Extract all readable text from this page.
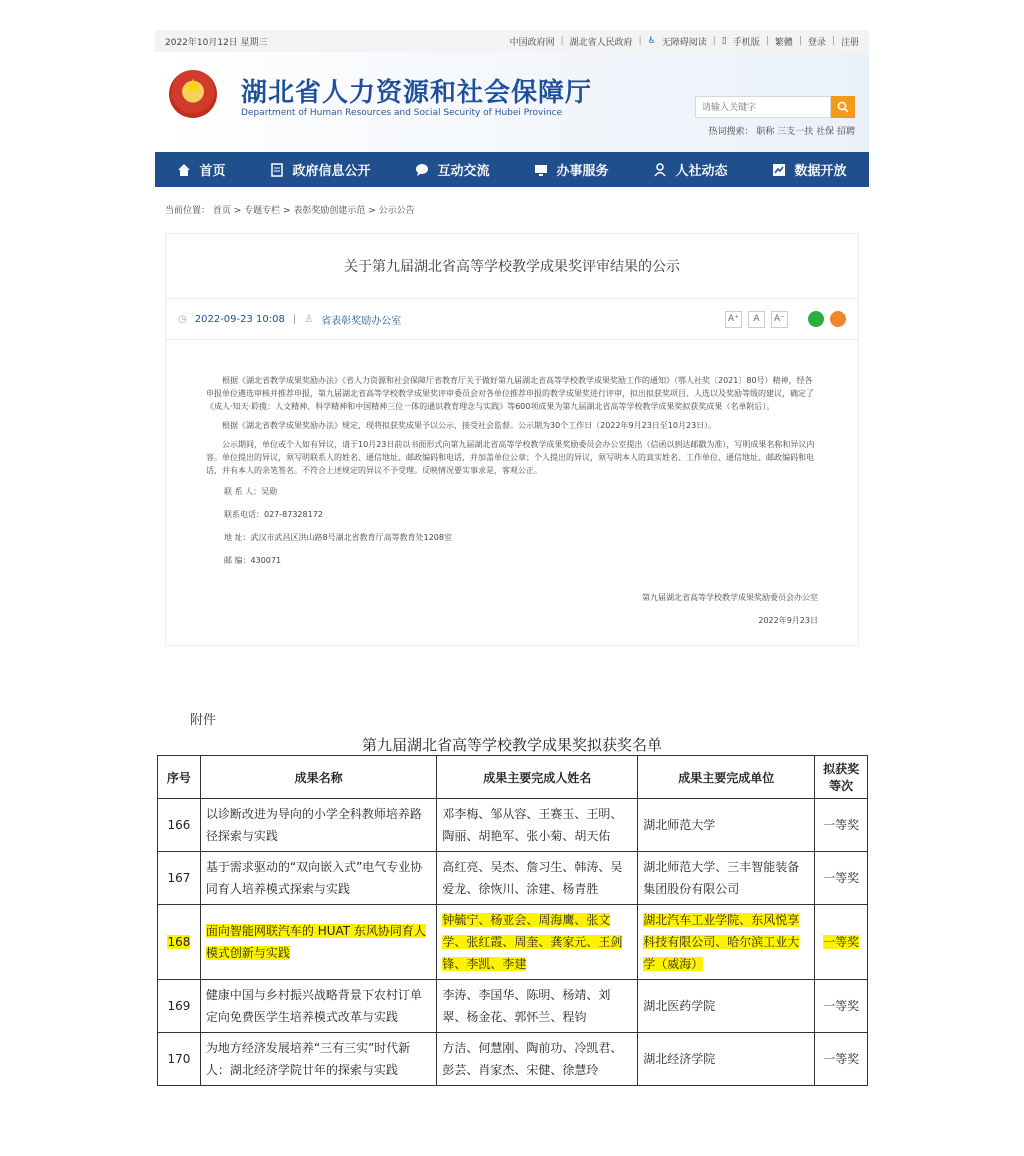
2022年10月12日 星期三	中国政府网 | 湖北省人民政府 | ♿ 无障碍阅读 | ▯ 手机版 | 繁體 | 登录 | 注册
★	湖北省人力资源和社会保障厅
Department of Human Resources and Social Security of Hubei Province
请输入关键字
热词搜索： 职称 三支一扶 社保 招聘
首页	政府信息公开	互动交流	办事服务	人社动态	数据开放
当前位置： 首页 > 专题专栏 > 表彰奖励创建示范 > 公示公告
关于第九届湖北省高等学校教学成果奖评审结果的公示
◷ 2022-09-23 10:08 | ♙ 省表彰奖励办公室	A⁺	A	A⁻

根据《湖北省教学成果奖励办法》《省人力资源和社会保障厅省教育厅关于做好第九届湖北省高等学校教学成果奖励工作的通知》（鄂人社奖〔2021〕80号）精神，经各申报单位遴选审核并推荐申报，第九届湖北省高等学校教学成果奖评审委员会对各单位推荐申报的教学成果奖进行评审，拟出拟获奖项目、人选以及奖励等级的建议，确定了《成人·知天·聆揽：人文精神、科学精神和中国精神三位一体的通识教育理念与实践》等600项成果为第九届湖北省高等学校教学成果奖拟获奖成果（名单附后）。

根据《湖北省教学成果奖励办法》规定，现将拟获奖成果予以公示，接受社会监督。公示期为30个工作日（2022年9月23日至10月23日）。

公示期间，单位或个人如有异议，请于10月23日前以书面形式向第九届湖北省高等学校教学成果奖励委员会办公室提出（信函以到达邮戳为准），写明成果名称和异议内容。单位提出的异议，须写明联系人的姓名、通信地址、邮政编码和电话，并加盖单位公章；个人提出的异议，须写明本人的真实姓名、工作单位、通信地址、邮政编码和电话，并有本人的亲笔签名。不符合上述规定的异议不予受理。反映情况要实事求是，客观公正。

联 系 人：吴勋
联系电话：027-87328172
地 址：武汉市武昌区洪山路8号湖北省教育厅高等教育处1208室
邮 编：430071
第九届湖北省高等学校教学成果奖励委员会办公室
2022年9月23日
附件
第九届湖北省高等学校教学成果奖拟获奖名单
序号	成果名称	成果主要完成人姓名	成果主要完成单位	拟获奖等次
166	以诊断改进为导向的小学全科教师培养路径探索与实践	邓李梅、邹从容、王赛玉、王明、陶丽、胡艳军、张小菊、胡天佑	湖北师范大学	一等奖
167	基于需求驱动的“双向嵌入式”电气专业协同育人培养模式探索与实践	高红亮、吴杰、詹习生、韩涛、吴爱龙、徐恢川、涂建、杨青胜	湖北师范大学、三丰智能装备集团股份有限公司	一等奖
168	面向智能网联汽车的 HUAT 东风协同育人模式创新与实践	钟毓宁、杨亚会、周海鹰、张文学、张红霞、周奎、龚家元、王剑锋、李凯、李建	湖北汽车工业学院、东风悦享科技有限公司、哈尔滨工业大学（威海）	一等奖
169	健康中国与乡村振兴战略背景下农村订单定向免费医学生培养模式改革与实践	李涛、李国华、陈明、杨靖、刘翠、杨金花、郭怀兰、程钧	湖北医药学院	一等奖
170	为地方经济发展培养“三有三实”时代新人：湖北经济学院廿年的探索与实践	方洁、何慧刚、陶前功、冷凯君、彭芸、肖家杰、宋健、徐慧玲	湖北经济学院	一等奖
